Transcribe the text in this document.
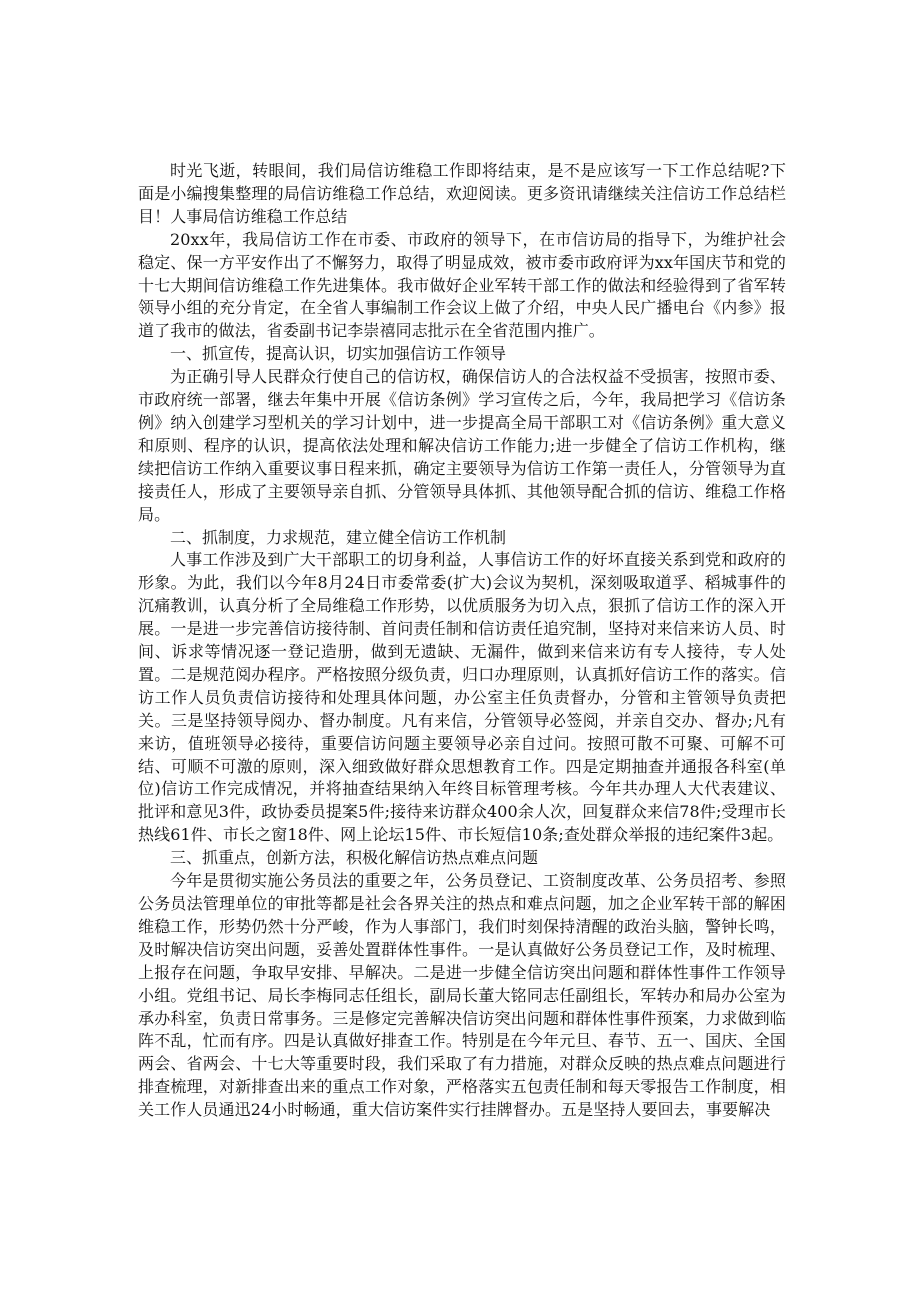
时光飞逝，转眼间，我们局信访维稳工作即将结束，是不是应该写一下工作总结呢?下面是小编搜集整理的局信访维稳工作总结，欢迎阅读。更多资讯请继续关注信访工作总结栏目！人事局信访维稳工作总结

20xx年，我局信访工作在市委、市政府的领导下，在市信访局的指导下，为维护社会稳定、保一方平安作出了不懈努力，取得了明显成效，被市委市政府评为xx年国庆节和党的十七大期间信访维稳工作先进集体。我市做好企业军转干部工作的做法和经验得到了省军转领导小组的充分肯定，在全省人事编制工作会议上做了介绍，中央人民广播电台《内参》报道了我市的做法，省委副书记李崇禧同志批示在全省范围内推广。

一、抓宣传，提高认识，切实加强信访工作领导

为正确引导人民群众行使自己的信访权，确保信访人的合法权益不受损害，按照市委、市政府统一部署，继去年集中开展《信访条例》学习宣传之后，今年，我局把学习《信访条例》纳入创建学习型机关的学习计划中，进一步提高全局干部职工对《信访条例》重大意义和原则、程序的认识，提高依法处理和解决信访工作能力;进一步健全了信访工作机构，继续把信访工作纳入重要议事日程来抓，确定主要领导为信访工作第一责任人，分管领导为直接责任人，形成了主要领导亲自抓、分管领导具体抓、其他领导配合抓的信访、维稳工作格局。

二、抓制度，力求规范，建立健全信访工作机制

人事工作涉及到广大干部职工的切身利益，人事信访工作的好坏直接关系到党和政府的形象。为此，我们以今年8月24日市委常委(扩大)会议为契机，深刻吸取道孚、稻城事件的沉痛教训，认真分析了全局维稳工作形势，以优质服务为切入点，狠抓了信访工作的深入开展。一是进一步完善信访接待制、首问责任制和信访责任追究制，坚持对来信来访人员、时间、诉求等情况逐一登记造册，做到无遗缺、无漏件，做到来信来访有专人接待，专人处置。二是规范阅办程序。严格按照分级负责，归口办理原则，认真抓好信访工作的落实。信访工作人员负责信访接待和处理具体问题，办公室主任负责督办，分管和主管领导负责把关。三是坚持领导阅办、督办制度。凡有来信，分管领导必签阅，并亲自交办、督办;凡有来访，值班领导必接待，重要信访问题主要领导必亲自过问。按照可散不可聚、可解不可结、可顺不可激的原则，深入细致做好群众思想教育工作。四是定期抽查并通报各科室(单位)信访工作完成情况，并将抽查结果纳入年终目标管理考核。今年共办理人大代表建议、批评和意见3件，政协委员提案5件;接待来访群众400余人次，回复群众来信78件;受理市长热线61件、市长之窗18件、网上论坛15件、市长短信10条;查处群众举报的违纪案件3起。

三、抓重点，创新方法，积极化解信访热点难点问题

今年是贯彻实施公务员法的重要之年，公务员登记、工资制度改革、公务员招考、参照公务员法管理单位的审批等都是社会各界关注的热点和难点问题，加之企业军转干部的解困维稳工作，形势仍然十分严峻，作为人事部门，我们时刻保持清醒的政治头脑，警钟长鸣，及时解决信访突出问题，妥善处置群体性事件。一是认真做好公务员登记工作，及时梳理、上报存在问题，争取早安排、早解决。二是进一步健全信访突出问题和群体性事件工作领导小组。党组书记、局长李梅同志任组长，副局长董大铭同志任副组长，军转办和局办公室为承办科室，负责日常事务。三是修定完善解决信访突出问题和群体性事件预案，力求做到临阵不乱，忙而有序。四是认真做好排查工作。特别是在今年元旦、春节、五一、国庆、全国两会、省两会、十七大等重要时段，我们采取了有力措施，对群众反映的热点难点问题进行排查梳理，对新排查出来的重点工作对象，严格落实五包责任制和每天零报告工作制度，相关工作人员通迅24小时畅通，重大信访案件实行挂牌督办。五是坚持人要回去，事要解决
